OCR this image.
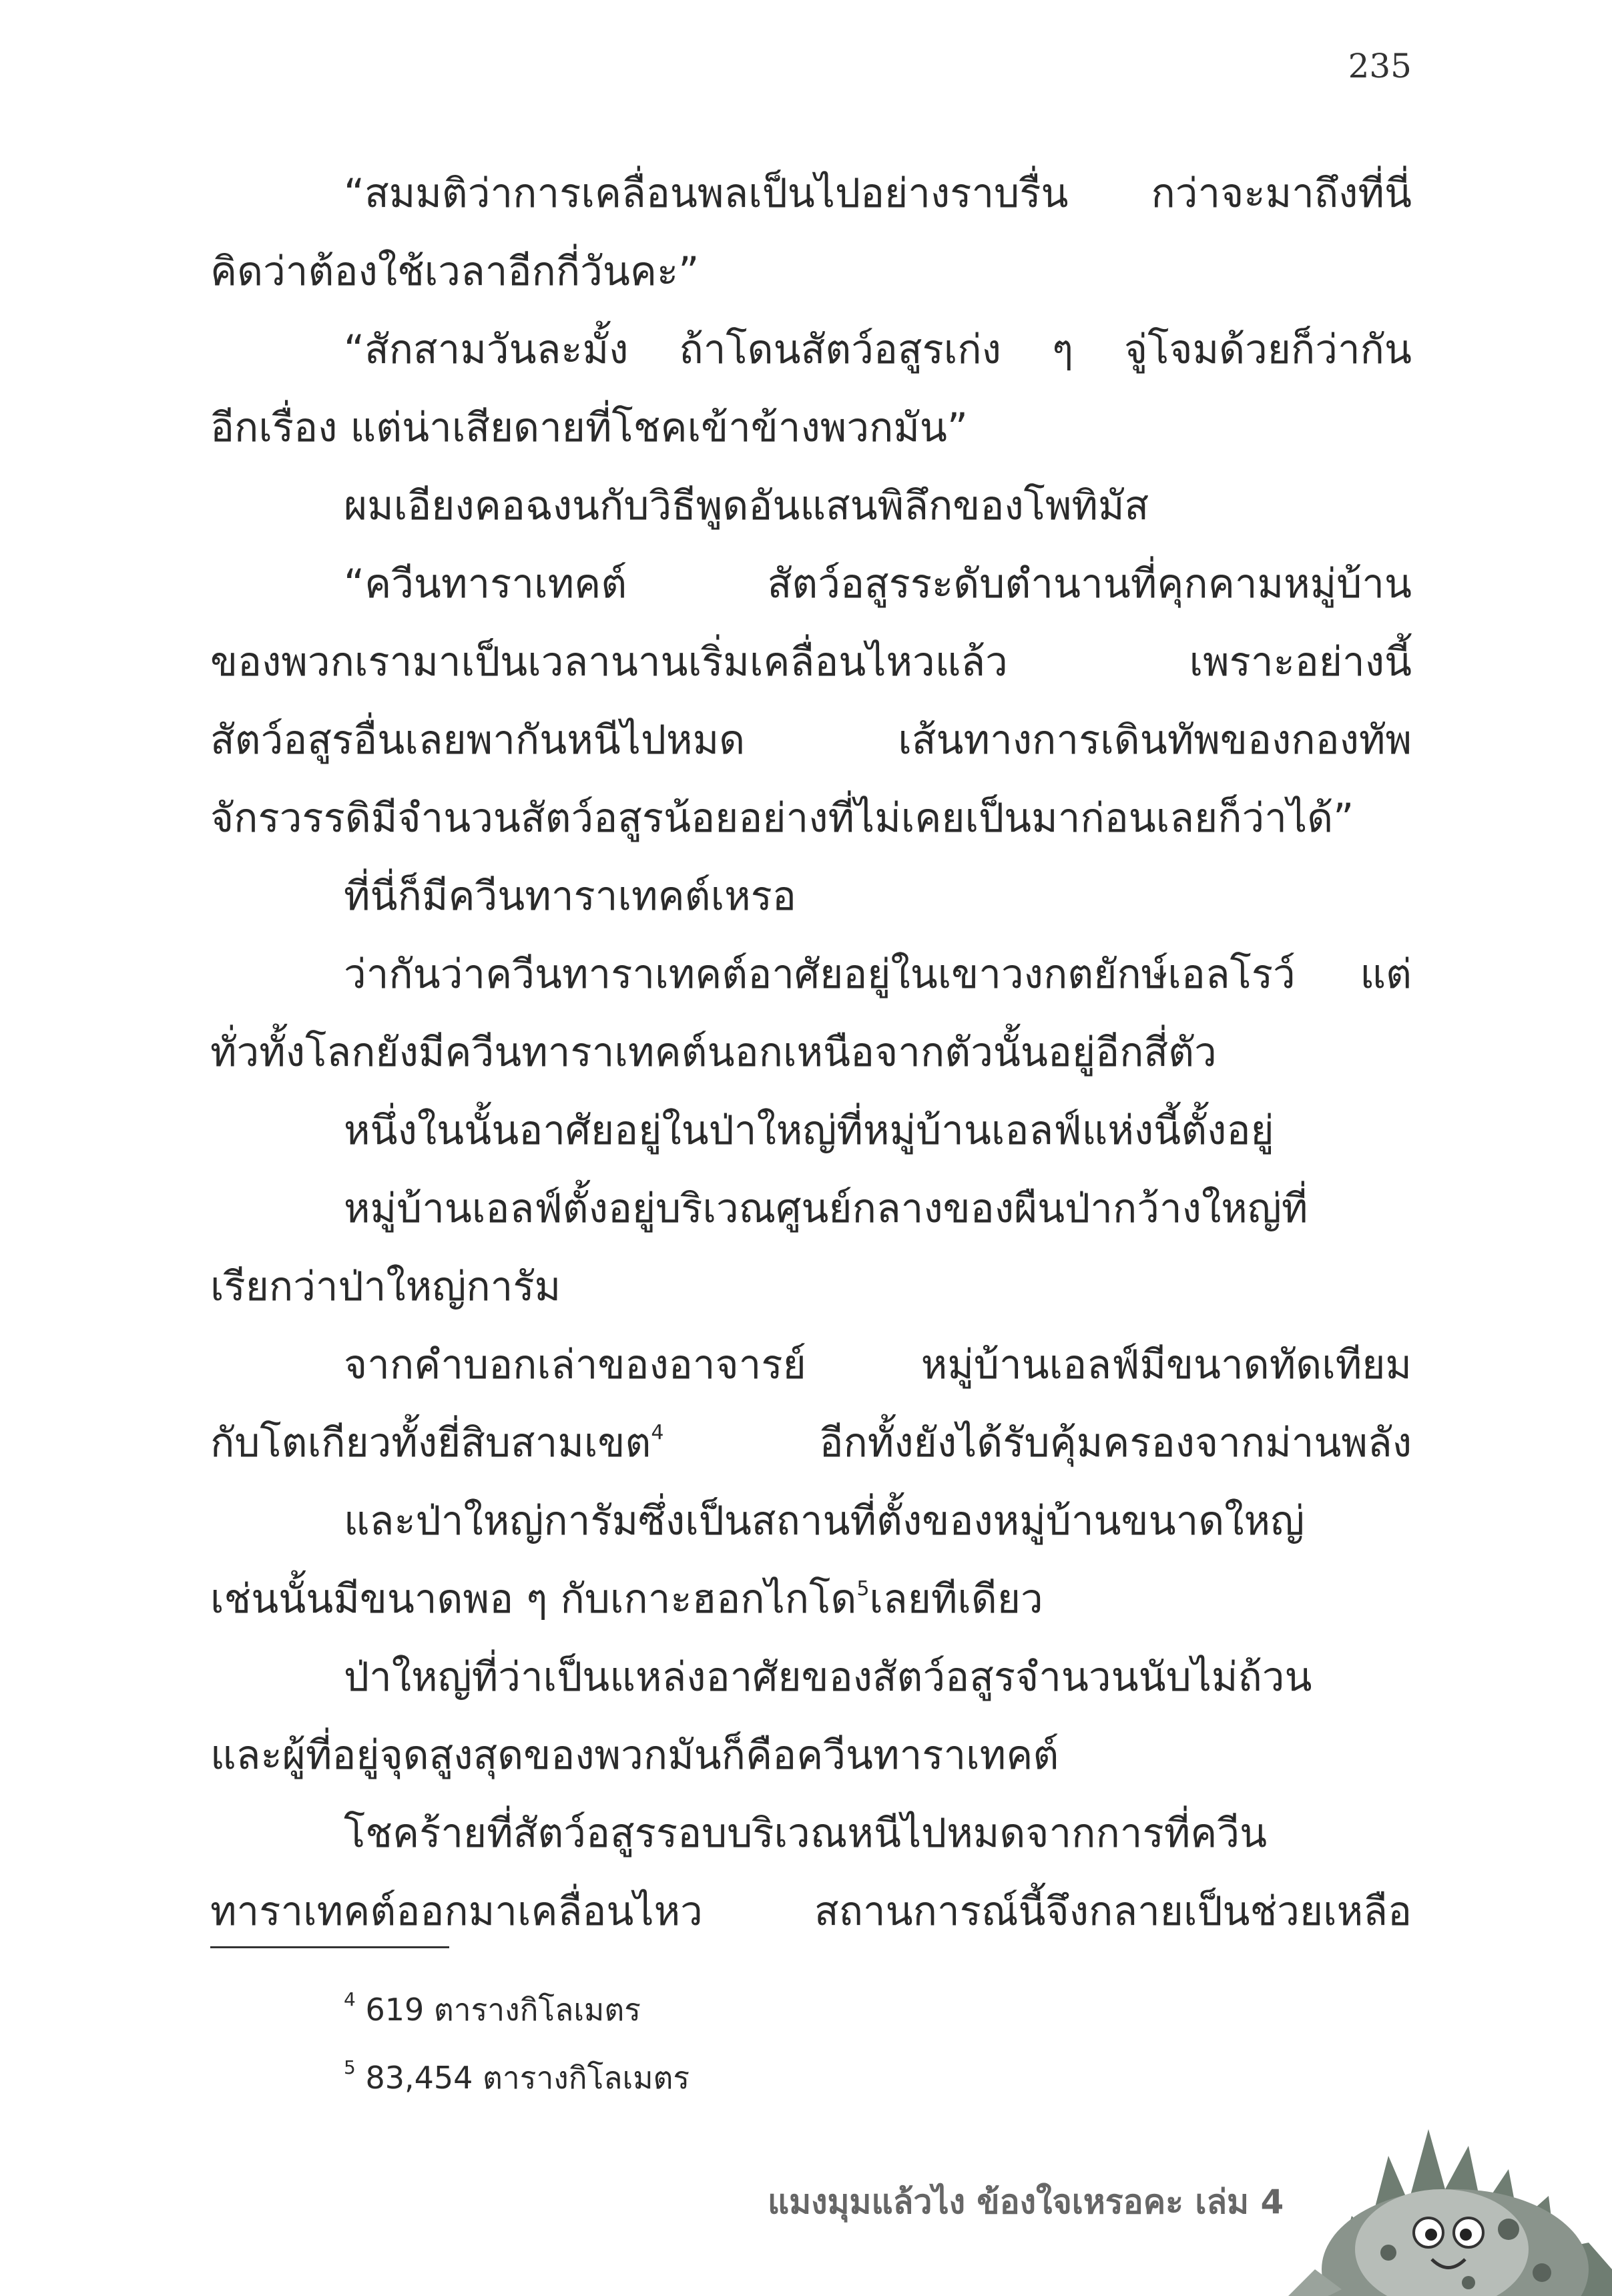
235
“สมมติว่าการเคลื่อนพลเป็นไปอย่างราบรื่น กว่าจะมาถึงที่นี่
คิดว่าต้องใช้เวลาอีกกี่วันคะ”
“สักสามวันละมั้ง ถ้าโดนสัตว์อสูรเก่ง ๆ จู่โจมด้วยก็ว่ากัน
อีกเรื่อง แต่น่าเสียดายที่โชคเข้าข้างพวกมัน”
ผมเอียงคอฉงนกับวิธีพูดอันแสนพิลึกของโพทิมัส
“ควีนทาราเทคต์ สัตว์อสูรระดับตำนานที่คุกคามหมู่บ้าน
ของพวกเรามาเป็นเวลานานเริ่มเคลื่อนไหวแล้ว เพราะอย่างนี้
สัตว์อสูรอื่นเลยพากันหนีไปหมด เส้นทางการเดินทัพของกองทัพ
จักรวรรดิมีจำนวนสัตว์อสูรน้อยอย่างที่ไม่เคยเป็นมาก่อนเลยก็ว่าได้”
ที่นี่ก็มีควีนทาราเทคต์เหรอ
ว่ากันว่าควีนทาราเทคต์อาศัยอยู่ในเขาวงกตยักษ์เอลโรว์ แต่
ทั่วทั้งโลกยังมีควีนทาราเทคต์นอกเหนือจากตัวนั้นอยู่อีกสี่ตัว
หนึ่งในนั้นอาศัยอยู่ในป่าใหญ่ที่หมู่บ้านเอลฟ์แห่งนี้ตั้งอยู่
หมู่บ้านเอลฟ์ตั้งอยู่บริเวณศูนย์กลางของผืนป่ากว้างใหญ่ที่
เรียกว่าป่าใหญ่การัม
จากคำบอกเล่าของอาจารย์ หมู่บ้านเอลฟ์มีขนาดทัดเทียม
กับโตเกียวทั้งยี่สิบสามเขต$^4$ อีกทั้งยังได้รับคุ้มครองจากม่านพลัง
และป่าใหญ่การัมซึ่งเป็นสถานที่ตั้งของหมู่บ้านขนาดใหญ่
เช่นนั้นมีขนาดพอ ๆ กับเกาะฮอกไกโด$^5$เลยทีเดียว
ป่าใหญ่ที่ว่าเป็นแหล่งอาศัยของสัตว์อสูรจำนวนนับไม่ถ้วน
และผู้ที่อยู่จุดสูงสุดของพวกมันก็คือควีนทาราเทคต์
โชคร้ายที่สัตว์อสูรรอบบริเวณหนีไปหมดจากการที่ควีน
ทาราเทคต์ออกมาเคลื่อนไหว สถานการณ์นี้จึงกลายเป็นช่วยเหลือ
$^4$ 619 ตารางกิโลเมตร
$^5$ 83,454 ตารางกิโลเมตร
แมงมุมแล้วไง ข้องใจเหรอคะ เล่ม 4
